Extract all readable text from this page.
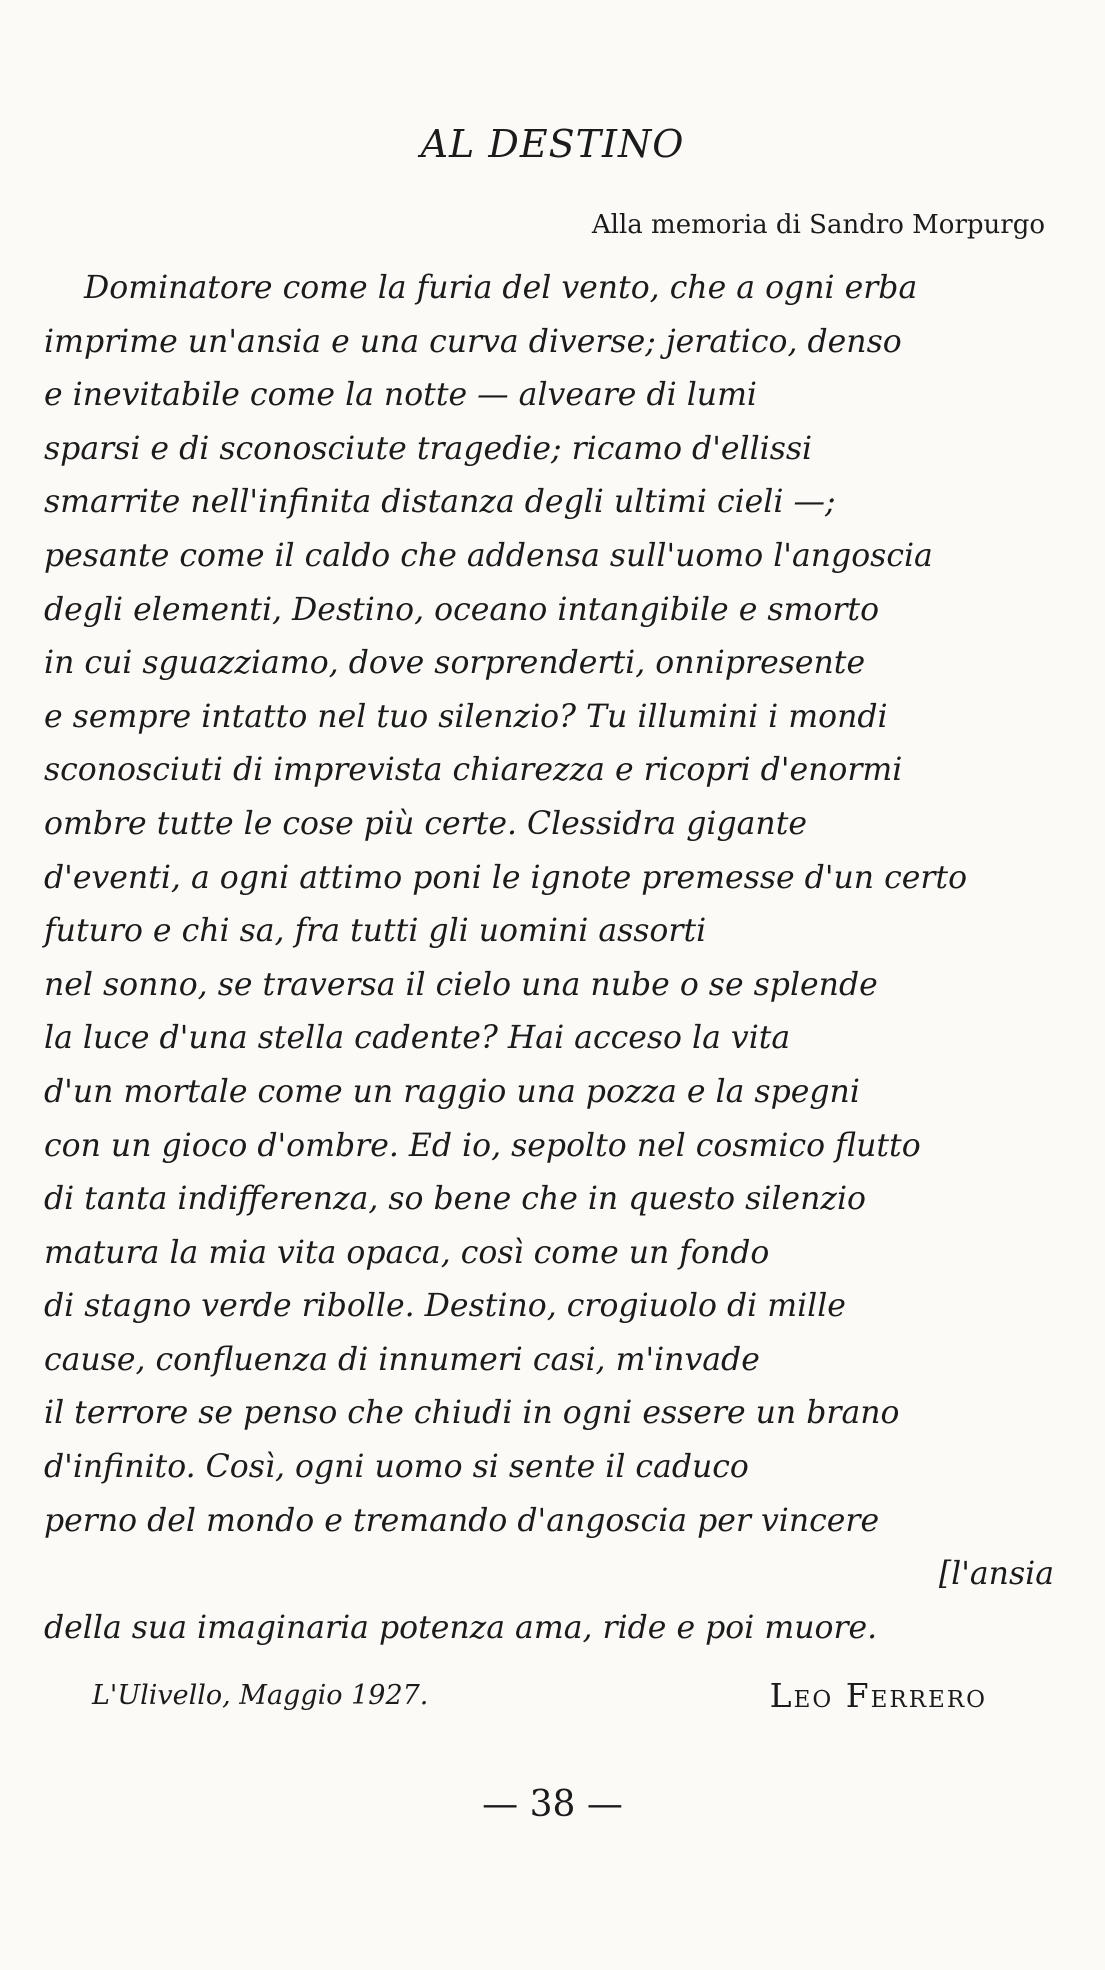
AL DESTINO

Alla memoria di Sandro Morpurgo

Dominatore come la furia del vento, che a ogni erba
imprime un'ansia e una curva diverse; jeratico, denso
e inevitabile come la notte — alveare di lumi
sparsi e di sconosciute tragedie; ricamo d'ellissi
smarrite nell'infinita distanza degli ultimi cieli —;
pesante come il caldo che addensa sull'uomo l'angoscia
degli elementi, Destino, oceano intangibile e smorto
in cui sguazziamo, dove sorprenderti, onnipresente
e sempre intatto nel tuo silenzio? Tu illumini i mondi
sconosciuti di imprevista chiarezza e ricopri d'enormi
ombre tutte le cose più certe. Clessidra gigante
d'eventi, a ogni attimo poni le ignote premesse d'un certo
futuro e chi sa, fra tutti gli uomini assorti
nel sonno, se traversa il cielo una nube o se splende
la luce d'una stella cadente? Hai acceso la vita
d'un mortale come un raggio una pozza e la spegni
con un gioco d'ombre. Ed io, sepolto nel cosmico flutto
di tanta indifferenza, so bene che in questo silenzio
matura la mia vita opaca, così come un fondo
di stagno verde ribolle. Destino, crogiuolo di mille
cause, confluenza di innumeri casi, m'invade
il terrore se penso che chiudi in ogni essere un brano
d'infinito. Così, ogni uomo si sente il caduco
perno del mondo e tremando d'angoscia per vincere
[l'ansia
della sua imaginaria potenza ama, ride e poi muore.

L'Ulivello, Maggio 1927.	Leo Ferrero

— 38 —
